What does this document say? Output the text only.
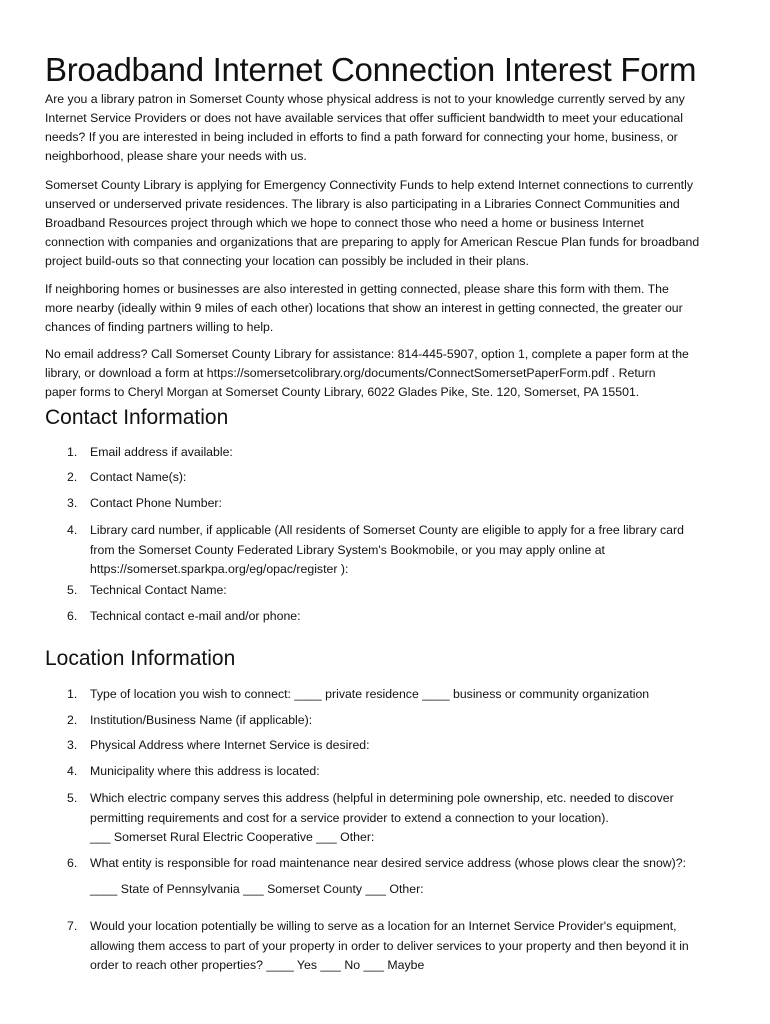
Broadband Internet Connection Interest Form

Are you a library patron in Somerset County whose physical address is not to your knowledge currently served by any
Internet Service Providers or does not have available services that offer sufficient bandwidth to meet your educational
needs? If you are interested in being included in efforts to find a path forward for connecting your home, business, or
neighborhood, please share your needs with us.

Somerset County Library is applying for Emergency Connectivity Funds to help extend Internet connections to currently
unserved or underserved private residences. The library is also participating in a Libraries Connect Communities and
Broadband Resources project through which we hope to connect those who need a home or business Internet
connection with companies and organizations that are preparing to apply for American Rescue Plan funds for broadband
project build-outs so that connecting your location can possibly be included in their plans.

If neighboring homes or businesses are also interested in getting connected, please share this form with them. The
more nearby (ideally within 9 miles of each other) locations that show an interest in getting connected, the greater our
chances of finding partners willing to help.

No email address? Call Somerset County Library for assistance: 814-445-5907, option 1, complete a paper form at the
library, or download a form at https://somersetcolibrary.org/documents/ConnectSomersetPaperForm.pdf . Return
paper forms to Cheryl Morgan at Somerset County Library, 6022 Glades Pike, Ste. 120, Somerset, PA 15501.

Contact Information
1.	Email address if available:
2.	Contact Name(s):
3.	Contact Phone Number:
4.	Library card number, if applicable (All residents of Somerset County are eligible to apply for a free library card
from the Somerset County Federated Library System's Bookmobile, or you may apply online at
https://somerset.sparkpa.org/eg/opac/register ):
5.	Technical Contact Name:
6.	Technical contact e-mail and/or phone:
Location Information
1.	Type of location you wish to connect: ____ private residence ____ business or community organization
2.	Institution/Business Name (if applicable):
3.	Physical Address where Internet Service is desired:
4.	Municipality where this address is located:
5.	Which electric company serves this address (helpful in determining pole ownership, etc. needed to discover
permitting requirements and cost for a service provider to extend a connection to your location).
___ Somerset Rural Electric Cooperative ___ Other:
6.	What entity is responsible for road maintenance near desired service address (whose plows clear the snow)?:
____ State of Pennsylvania ___ Somerset County ___ Other:
7.	Would your location potentially be willing to serve as a location for an Internet Service Provider's equipment,
allowing them access to part of your property in order to deliver services to your property and then beyond it in
order to reach other properties? ____ Yes ___ No ___ Maybe
